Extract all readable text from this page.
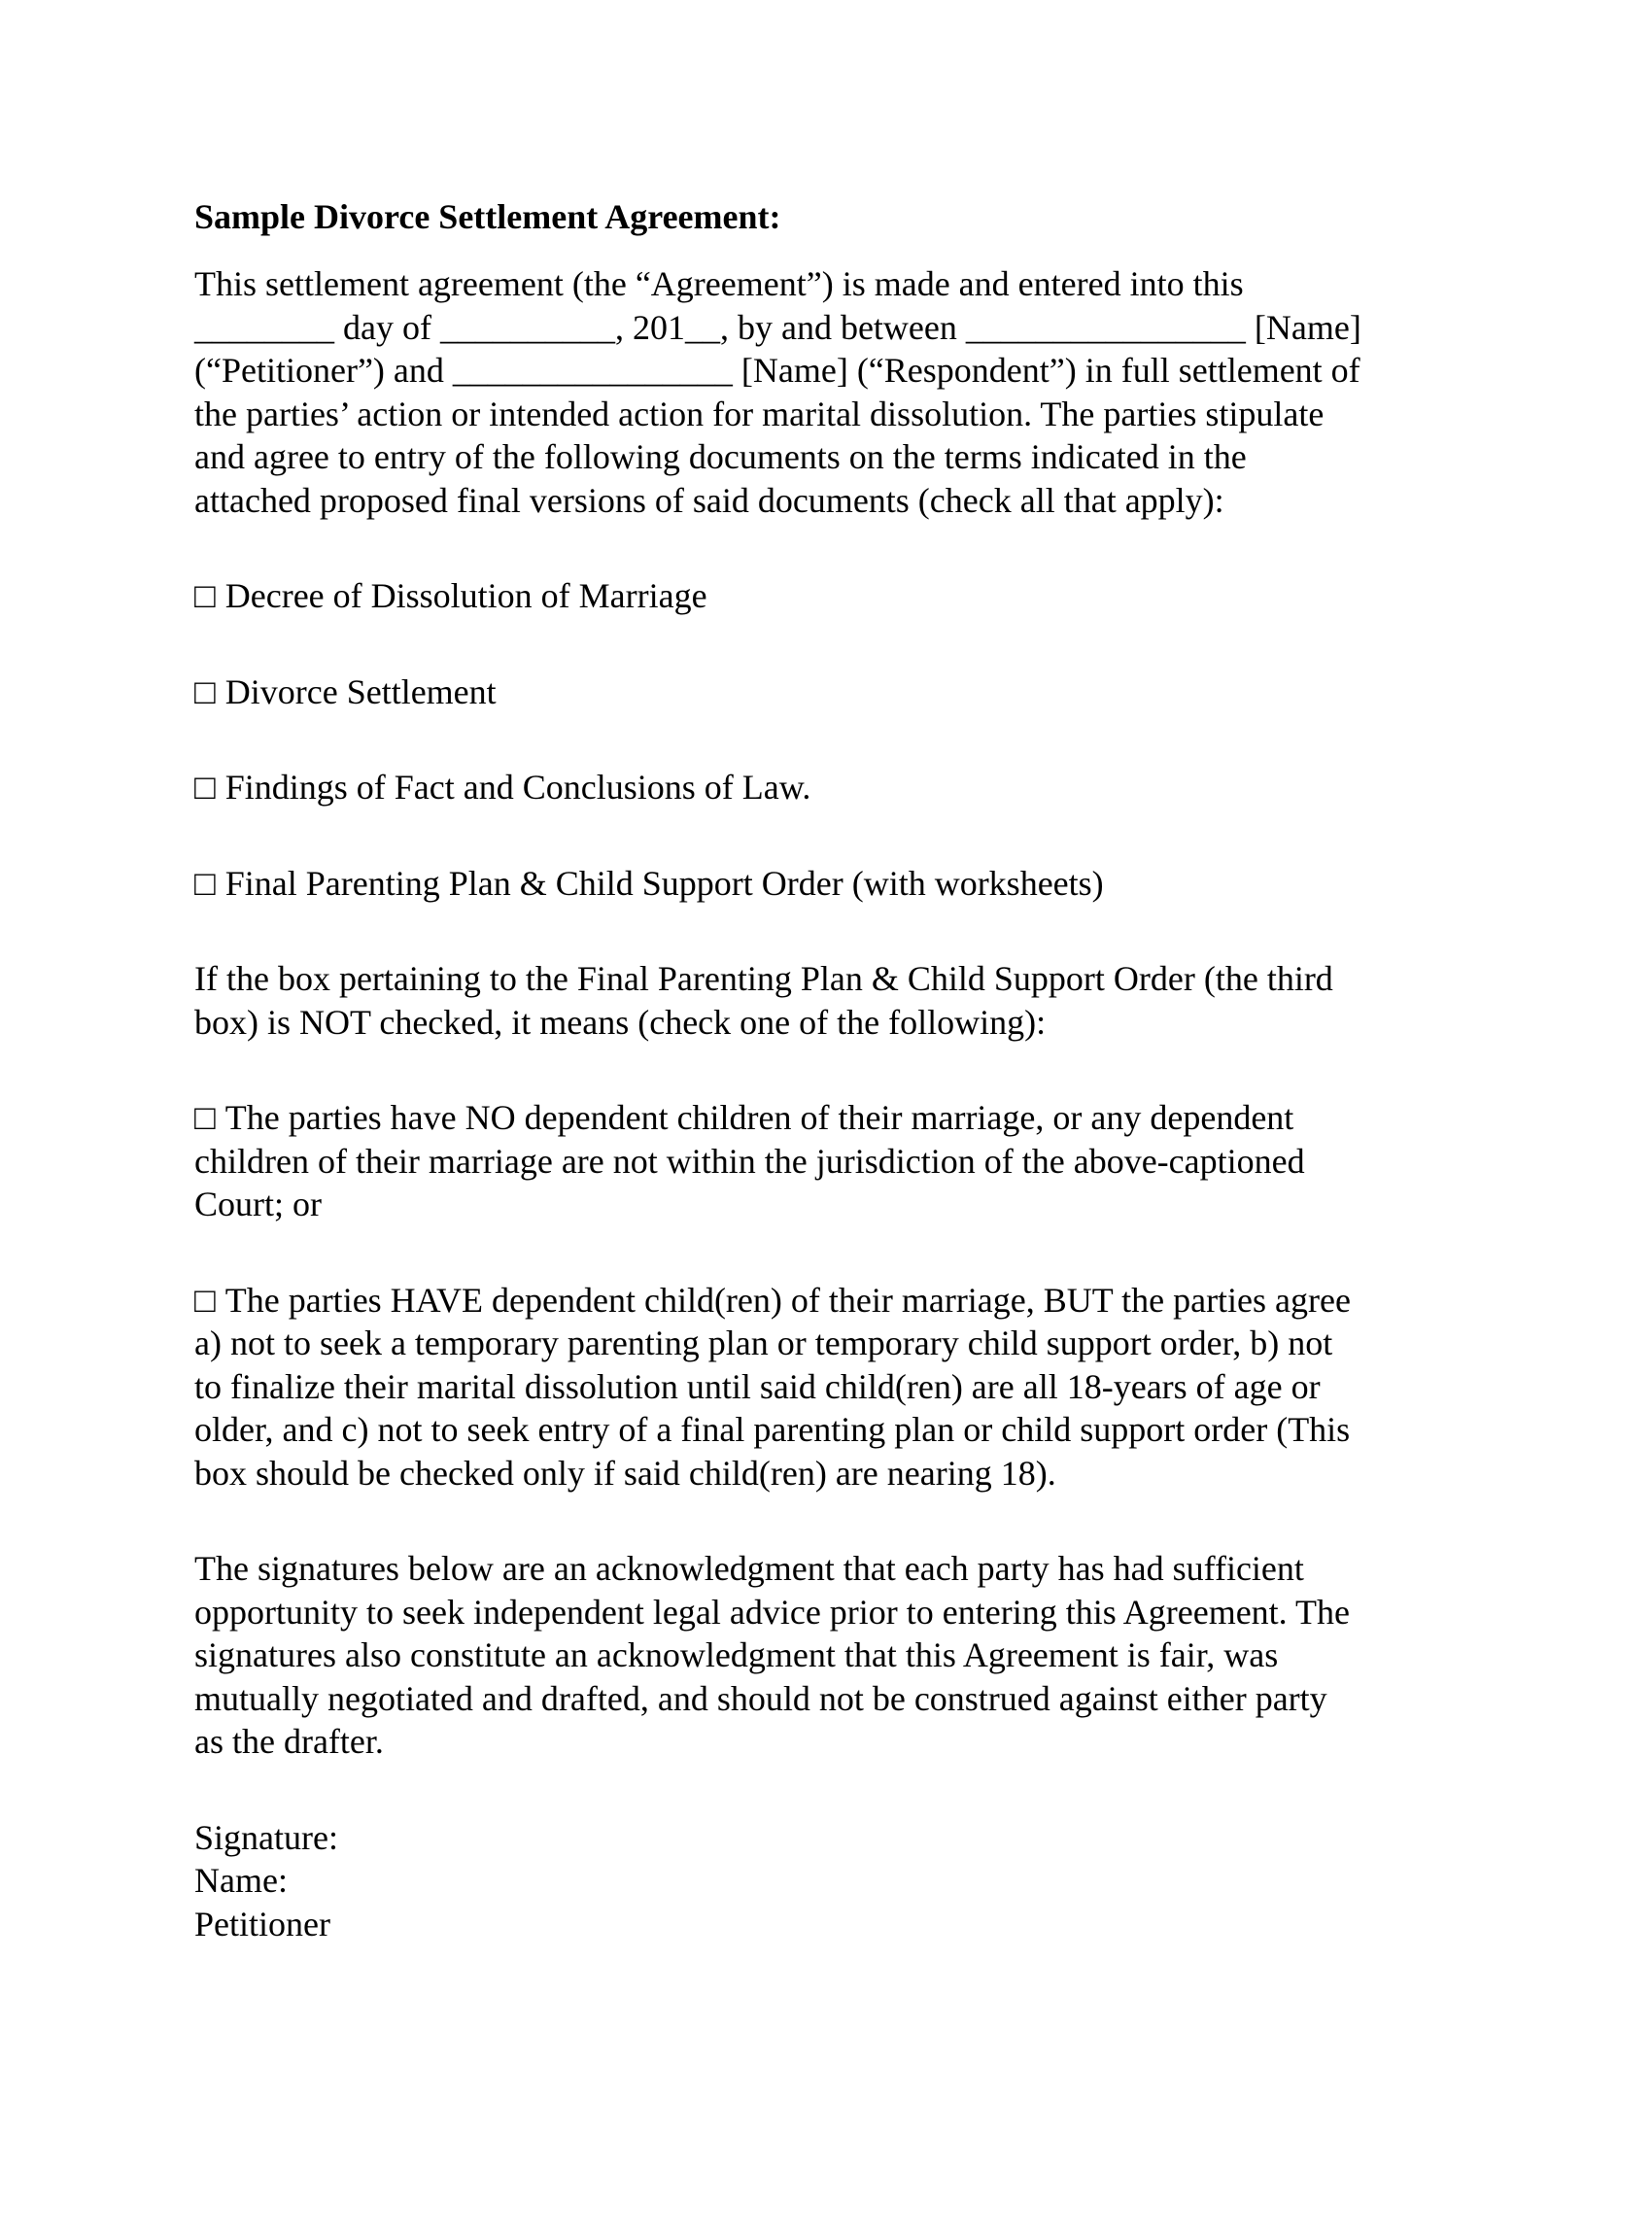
Sample Divorce Settlement Agreement:
This settlement agreement (the “Agreement”) is made and entered into this
________ day of __________, 201__, by and between ________________ [Name]
(“Petitioner”) and ________________ [Name] (“Respondent”) in full settlement of
the parties’ action or intended action for marital dissolution. The parties stipulate
and agree to entry of the following documents on the terms indicated in the
attached proposed final versions of said documents (check all that apply):
□ Decree of Dissolution of Marriage
□ Divorce Settlement
□ Findings of Fact and Conclusions of Law.
□ Final Parenting Plan & Child Support Order (with worksheets)
If the box pertaining to the Final Parenting Plan & Child Support Order (the third
box) is NOT checked, it means (check one of the following):
□ The parties have NO dependent children of their marriage, or any dependent
children of their marriage are not within the jurisdiction of the above-captioned
Court; or
□ The parties HAVE dependent child(ren) of their marriage, BUT the parties agree
a) not to seek a temporary parenting plan or temporary child support order, b) not
to finalize their marital dissolution until said child(ren) are all 18-years of age or
older, and c) not to seek entry of a final parenting plan or child support order (This
box should be checked only if said child(ren) are nearing 18).
The signatures below are an acknowledgment that each party has had sufficient
opportunity to seek independent legal advice prior to entering this Agreement. The
signatures also constitute an acknowledgment that this Agreement is fair, was
mutually negotiated and drafted, and should not be construed against either party
as the drafter.
Signature:
Name:
Petitioner
